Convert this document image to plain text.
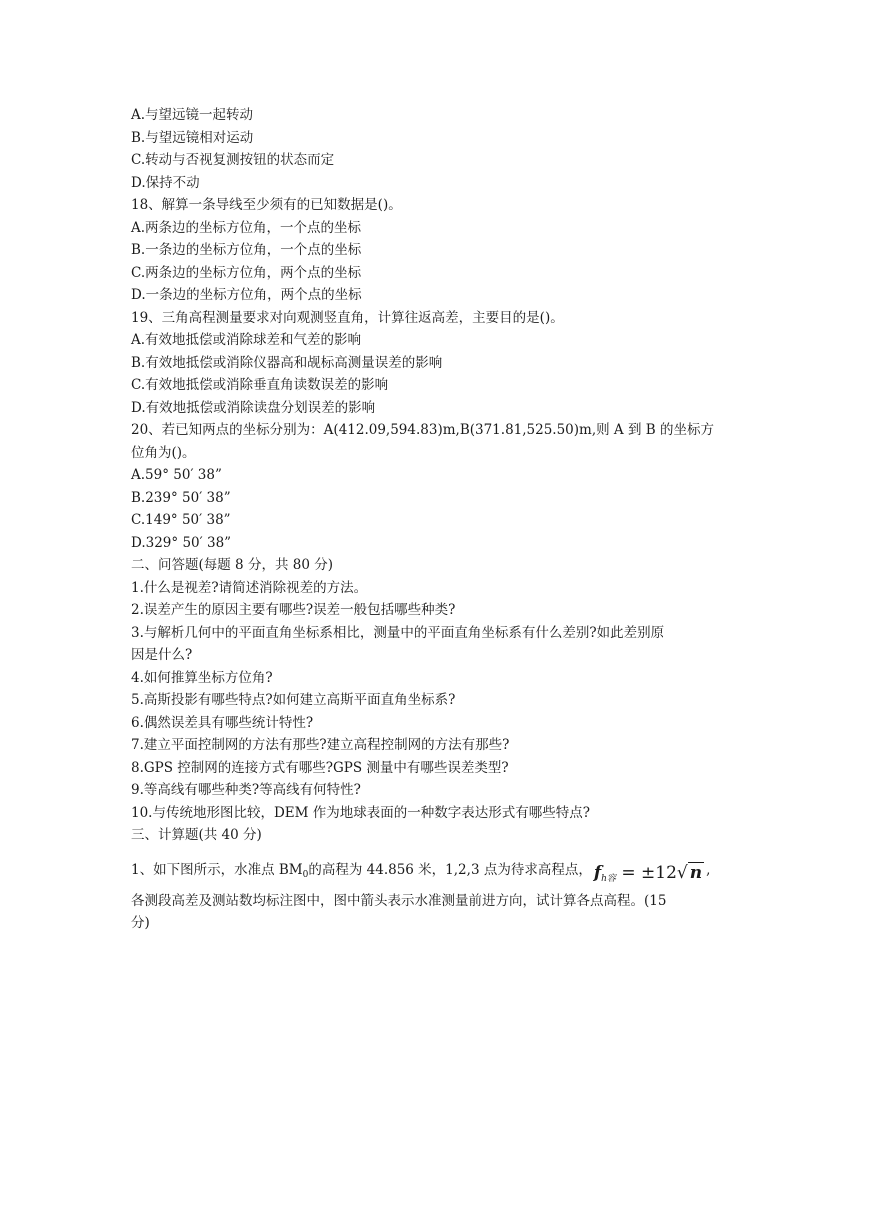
A.与望远镜一起转动
B.与望远镜相对运动
C.转动与否视复测按钮的状态而定
D.保持不动
18、解算一条导线至少须有的已知数据是()。
A.两条边的坐标方位角，一个点的坐标
B.一条边的坐标方位角，一个点的坐标
C.两条边的坐标方位角，两个点的坐标
D.一条边的坐标方位角，两个点的坐标
19、三角高程测量要求对向观测竖直角，计算往返高差，主要目的是()。
A.有效地抵偿或消除球差和气差的影响
B.有效地抵偿或消除仪器高和觇标高测量误差的影响
C.有效地抵偿或消除垂直角读数误差的影响
D.有效地抵偿或消除读盘分划误差的影响
20、若已知两点的坐标分别为：A(412.09,594.83)m,B(371.81,525.50)m,则 A 到 B 的坐标方
位角为()。
A.59° 50′ 38”
B.239° 50′ 38”
C.149° 50′ 38”
D.329° 50′ 38”
二、问答题(每题 8 分，共 80 分)
1.什么是视差?请简述消除视差的方法。
2.误差产生的原因主要有哪些?误差一般包括哪些种类?
3.与解析几何中的平面直角坐标系相比，测量中的平面直角坐标系有什么差别?如此差别原
因是什么?
4.如何推算坐标方位角?
5.高斯投影有哪些特点?如何建立高斯平面直角坐标系?
6.偶然误差具有哪些统计特性?
7.建立平面控制网的方法有那些?建立高程控制网的方法有那些?
8.GPS 控制网的连接方式有哪些?GPS 测量中有哪些误差类型?
9.等高线有哪些种类?等高线有何特性?
10.与传统地形图比较，DEM 作为地球表面的一种数字表达形式有哪些特点?
三、计算题(共 40 分)
1、如下图所示，水准点 $BM_0$的高程为 44.856 米，1,2,3 点为待求高程点， $f_{h容} = \pm 12√$ n ,
各测段高差及测站数均标注图中，图中箭头表示水准测量前进方向，试计算各点高程。(15
分)
